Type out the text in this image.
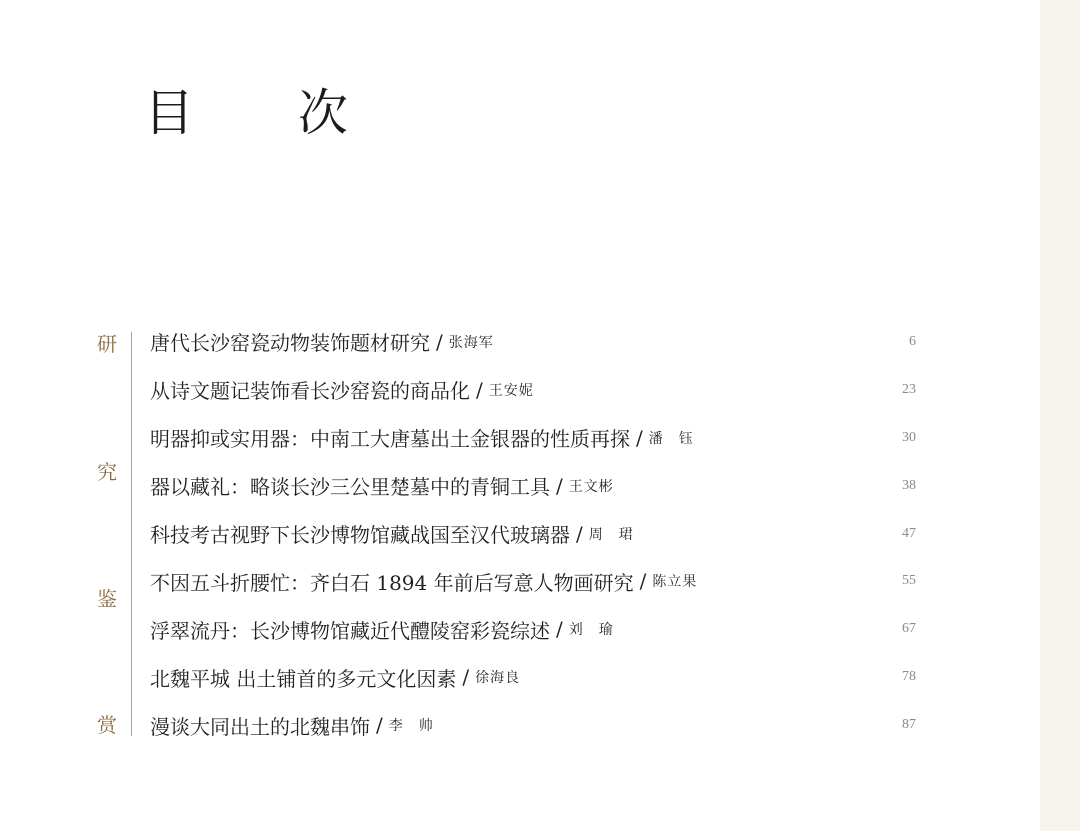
目 次
研
究
鉴
赏
唐代长沙窑瓷动物装饰题材研究 / 张海军	6
从诗文题记装饰看长沙窑瓷的商品化 / 王安妮	23
明器抑或实用器：中南工大唐墓出土金银器的性质再探 / 潘　钰	30
器以藏礼：略谈长沙三公里楚墓中的青铜工具 / 王文彬	38
科技考古视野下长沙博物馆藏战国至汉代玻璃器 / 周　珺	47
不因五斗折腰忙：齐白石 1894 年前后写意人物画研究 / 陈立果	55
浮翠流丹：长沙博物馆藏近代醴陵窑彩瓷综述 / 刘　瑜	67
北魏平城 出土铺首的多元文化因素 / 徐海良	78
漫谈大同出土的北魏串饰 / 李　帅	87
